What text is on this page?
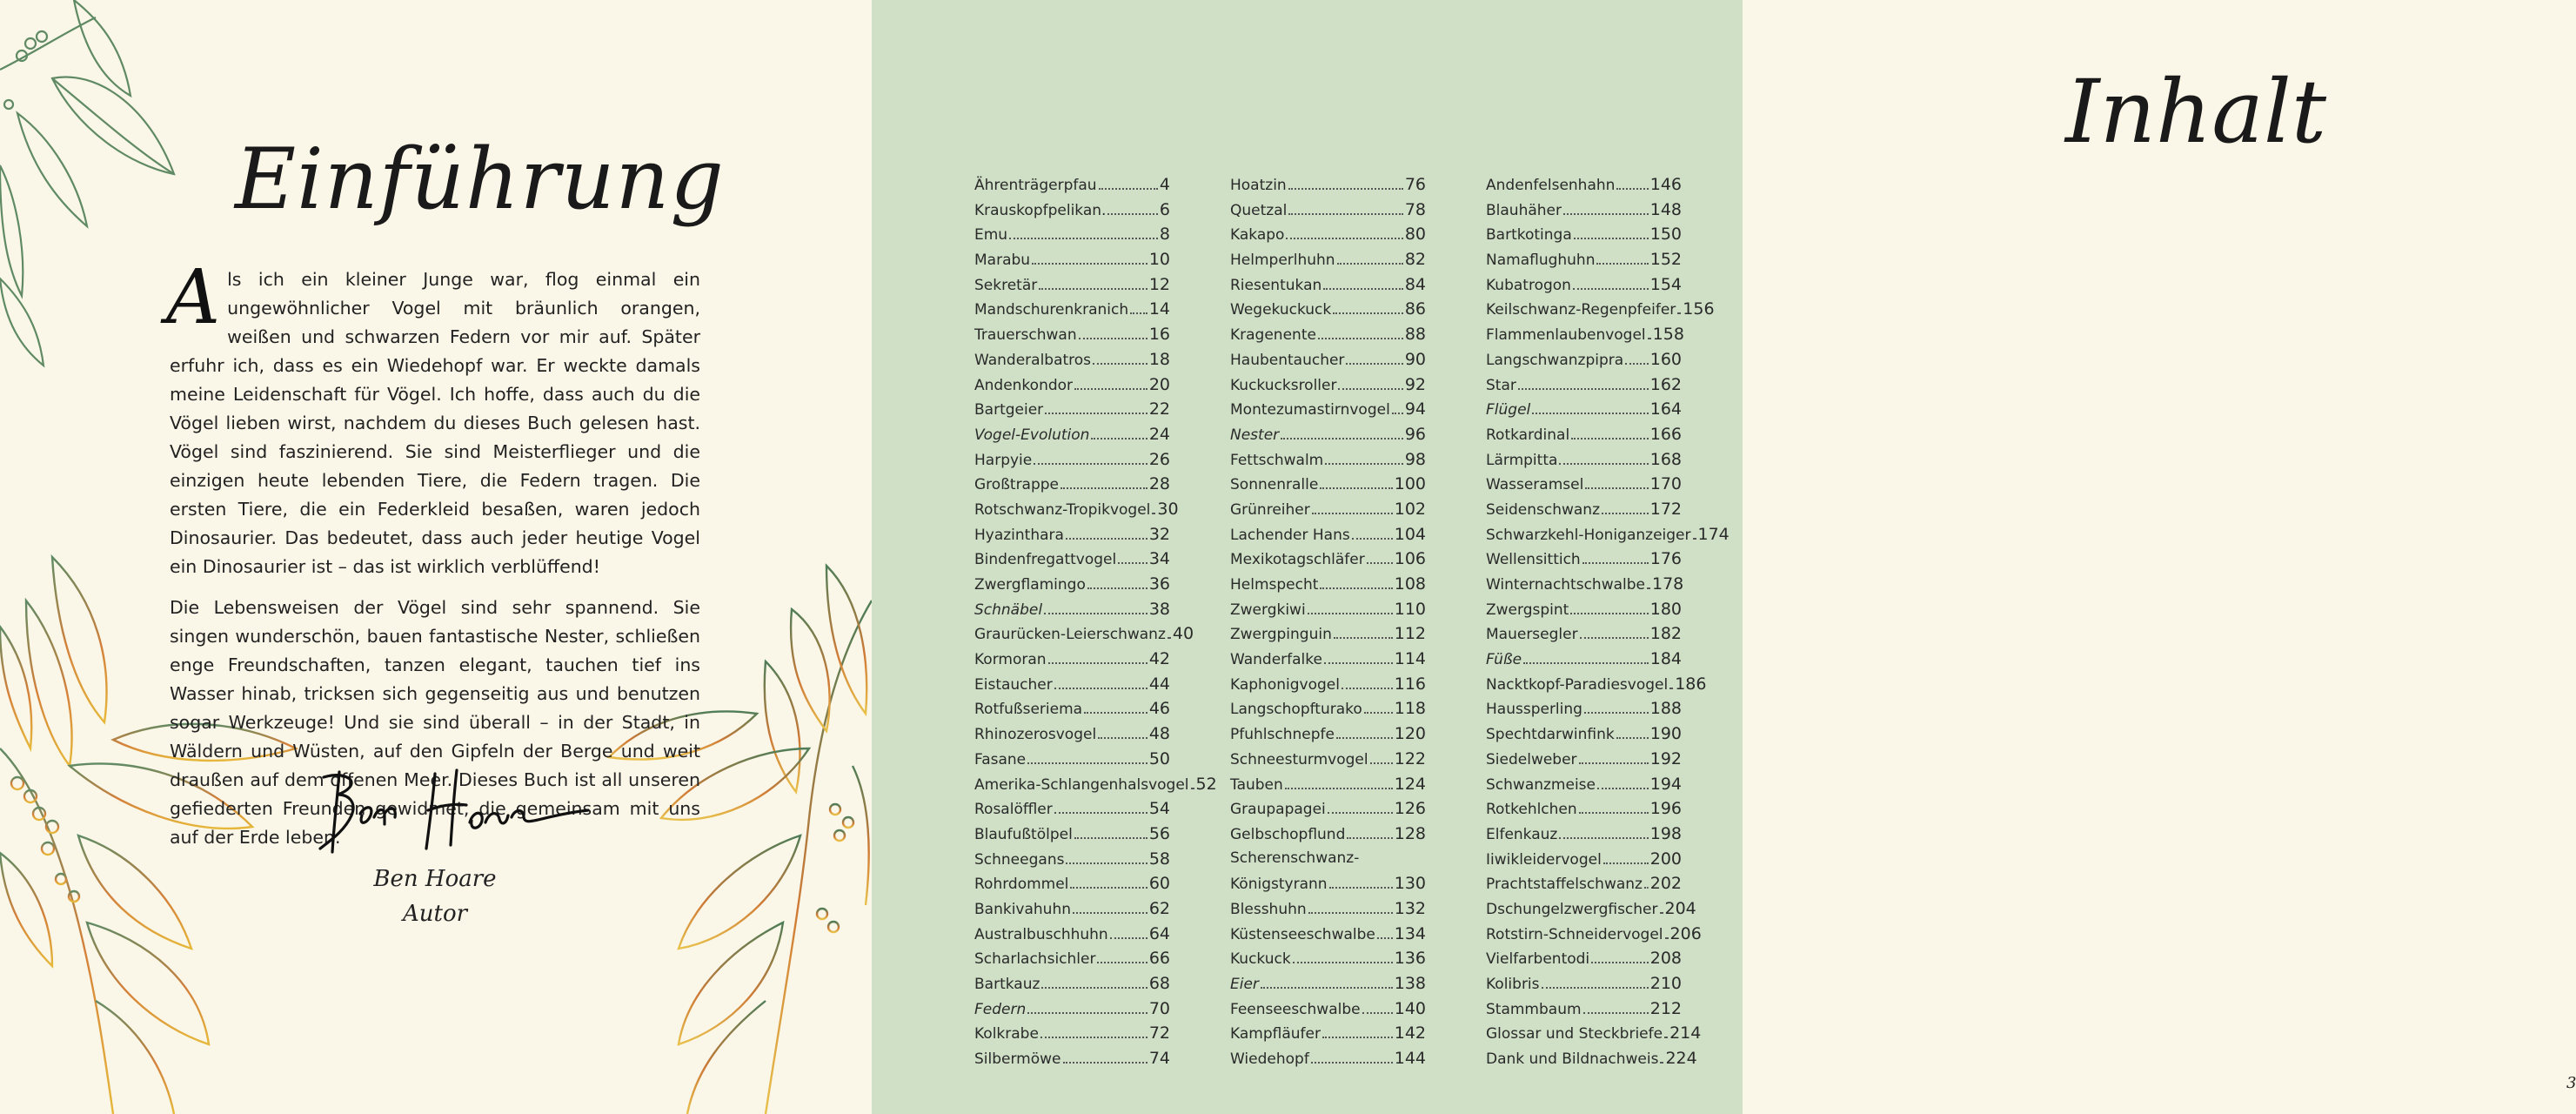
Einführung

Als ich ein kleiner Junge war, flog einmal ein ungewöhnlicher Vogel mit bräunlich orangen, weißen und schwarzen Federn vor mir auf. Später erfuhr ich, dass es ein Wiedehopf war. Er weckte damals meine Leidenschaft für Vögel. Ich hoffe, dass auch du die Vögel lieben wirst, nachdem du dieses Buch gelesen hast. Vögel sind faszinierend. Sie sind Meisterflieger und die einzigen heute lebenden Tiere, die Federn tragen. Die ersten Tiere, die ein Federkleid besaßen, waren jedoch Dinosaurier. Das bedeutet, dass auch jeder heutige Vogel ein Dinosaurier ist – das ist wirklich verblüffend!

Die Lebensweisen der Vögel sind sehr spannend. Sie singen wunderschön, bauen fantastische Nester, schließen enge Freundschaften, tanzen elegant, tauchen tief ins Wasser hinab, tricksen sich gegenseitig aus und benutzen sogar Werkzeuge! Und sie sind überall – in der Stadt, in Wäldern und Wüsten, auf den Gipfeln der Berge und weit draußen auf dem offenen Meer. Dieses Buch ist all unseren gefiederten Freunden gewidmet, die gemeinsam mit uns auf der Erde leben.

Ben Hoare
Autor
Inhalt
Ährenträgerpfau	4
Krauskopfpelikan.	6
Emu	8
Marabu	10
Sekretär	12
Mandschurenkranich 14
Trauerschwan	16
Wanderalbatros	18
Andenkondor	20
Bartgeier	22
Vogel-Evolution	24
Harpyie	26
Großtrappe	28
Rotschwanz-Tropikvogel 30
Hyazinthara	32
Bindenfregattvogel 34
Zwergflamingo	36
Schnäbel	38
Graurücken-Leierschwanz 40
Kormoran	42
Eistaucher	44
Rotfußseriema	46
Rhinozerosvogel	48
Fasane	50
Amerika-Schlangenhalsvogel 52
Rosalöffler	54
Blaufußtölpel	56
Schneegans	58
Rohrdommel	60
Bankivahuhn	62
Australbuschhuhn 64
Scharlachsichler	66
Bartkauz	68
Federn	70
Kolkrabe	72
Silbermöwe	74
Hoatzin	76
Quetzal	78
Kakapo	80
Helmperlhuhn	82
Riesentukan	84
Wegekuckuck	86
Kragenente	88
Haubentaucher	90
Kuckucksroller	92
Montezumastirnvogel 94
Nester	96
Fettschwalm	98
Sonnenralle	100
Grünreiher	102
Lachender Hans	104
Mexikotagschläfer 106
Helmspecht	108
Zwergkiwi	110
Zwergpinguin	112
Wanderfalke	114
Kaphonigvogel	116
Langschopfturako 118
Pfuhlschnepfe	120
Schneesturmvogel 122
Tauben	124
Graupapagei	126
Gelbschopflund	128
Scherenschwanz-
Königstyrann	130
Blesshuhn	132
Küstenseeschwalbe 134
Kuckuck	136
Eier	138
Feenseeschwalbe 140
Kampfläufer	142
Wiedehopf	144
Andenfelsenhahn 146
Blauhäher	148
Bartkotinga	150
Namaflughuhn	152
Kubatrogon	154
Keilschwanz-Regenpfeifer 156
Flammenlaubenvogel 158
Langschwanzpipra 160
Star	162
Flügel	164
Rotkardinal	166
Lärmpitta	168
Wasseramsel	170
Seidenschwanz	172
Schwarzkehl-Honiganzeiger 174
Wellensittich	176
Winternachtschwalbe 178
Zwergspint	180
Mauersegler	182
Füße	184
Nacktkopf-Paradiesvogel 186
Haussperling	188
Spechtdarwinfink 190
Siedelweber	192
Schwanzmeise	194
Rotkehlchen	196
Elfenkauz	198
Iiwikleidervogel	200
Prachtstaffelschwanz 202
Dschungelzwergfischer 204
Rotstirn-Schneidervogel 206
Vielfarbentodi	208
Kolibris	210
Stammbaum	212
Glossar und Steckbriefe 214
Dank und Bildnachweis 224
3
